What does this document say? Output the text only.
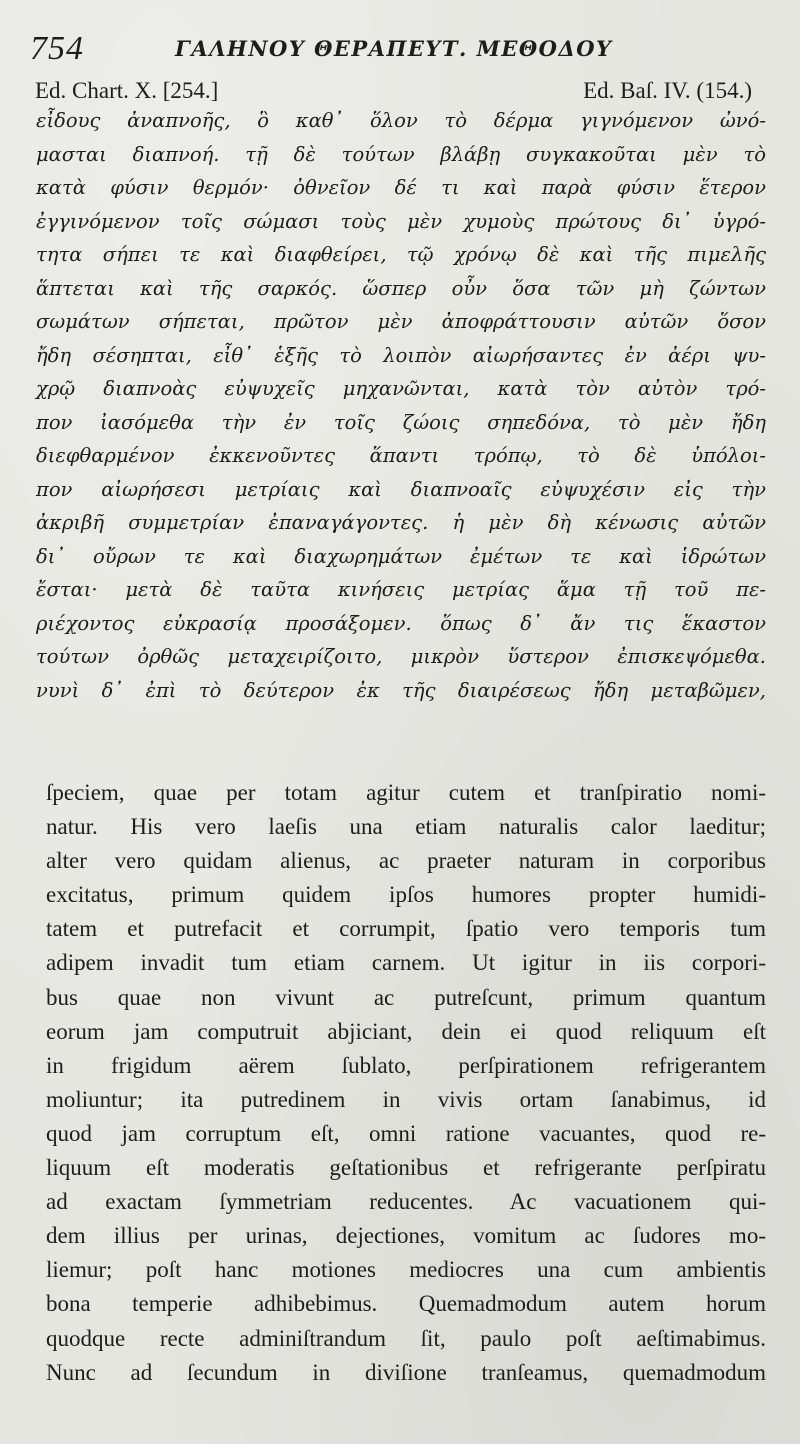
754	ΓΑΛΗΝΟΥ ΘΕΡΑΠΕΥΤ. ΜΕΘΟΔΟΥ
Ed. Chart. X. [254.]	Ed. Baſ. IV. (154.)
εἶδους ἀναπνοῆς, ὃ καθ᾽ ὅλον τὸ δέρμα γιγνόμενον ὠνό-
μασται διαπνοή. τῇ δὲ τούτων βλάβῃ συγκακοῦται μὲν τὸ
κατὰ φύσιν θερμόν· ὀθνεῖον δέ τι καὶ παρὰ φύσιν ἕτερον
ἐγγινόμενον τοῖς σώμασι τοὺς μὲν χυμοὺς πρώτους δι᾽ ὑγρό-
τητα σήπει τε καὶ διαφθείρει, τῷ χρόνῳ δὲ καὶ τῆς πιμελῆς
ἅπτεται καὶ τῆς σαρκός. ὥσπερ οὖν ὅσα τῶν μὴ ζώντων
σωμάτων σήπεται, πρῶτον μὲν ἀποφράττουσιν αὐτῶν ὅσον
ἤδη σέσηπται, εἶθ᾽ ἑξῆς τὸ λοιπὸν αἰωρήσαντες ἐν ἀέρι ψυ-
χρῷ διαπνοὰς εὐψυχεῖς μηχανῶνται, κατὰ τὸν αὐτὸν τρό-
πον ἰασόμεθα τὴν ἐν τοῖς ζώοις σηπεδόνα, τὸ μὲν ἤδη
διεφθαρμένον ἐκκενοῦντες ἅπαντι τρόπῳ, τὸ δὲ ὑπόλοι-
πον αἰωρήσεσι μετρίαις καὶ διαπνοαῖς εὐψυχέσιν εἰς τὴν
ἀκριβῆ συμμετρίαν ἐπαναγάγοντες. ἡ μὲν δὴ κένωσις αὐτῶν
δι᾽ οὔρων τε καὶ διαχωρημάτων ἐμέτων τε καὶ ἱδρώτων
ἔσται· μετὰ δὲ ταῦτα κινήσεις μετρίας ἅμα τῇ τοῦ πε-
ριέχοντος εὐκρασίᾳ προσάξομεν. ὅπως δ᾽ ἄν τις ἕκαστον
τούτων ὀρθῶς μεταχειρίζοιτο, μικρὸν ὕστερον ἐπισκεψόμεθα.
νυνὶ δ᾽ ἐπὶ τὸ δεύτερον ἐκ τῆς διαιρέσεως ἤδη μεταβῶμεν,
ſpeciem, quae per totam agitur cutem et tranſpiratio nomi-
natur. His vero laeſis una etiam naturalis calor laeditur;
alter vero quidam alienus, ac praeter naturam in corporibus
excitatus, primum quidem ipſos humores propter humidi-
tatem et putrefacit et corrumpit, ſpatio vero temporis tum
adipem invadit tum etiam carnem. Ut igitur in iis corpori-
bus quae non vivunt ac putreſcunt, primum quantum
eorum jam computruit abjiciant, dein ei quod reliquum eſt
in frigidum aërem ſublato, perſpirationem refrigerantem
moliuntur; ita putredinem in vivis ortam ſanabimus, id
quod jam corruptum eſt, omni ratione vacuantes, quod re-
liquum eſt moderatis geſtationibus et refrigerante perſpiratu
ad exactam ſymmetriam reducentes. Ac vacuationem qui-
dem illius per urinas, dejectiones, vomitum ac ſudores mo-
liemur; poſt hanc motiones mediocres una cum ambientis
bona temperie adhibebimus. Quemadmodum autem horum
quodque recte adminiſtrandum ſit, paulo poſt aeſtimabimus.
Nunc ad ſecundum in diviſione tranſeamus, quemadmodum
